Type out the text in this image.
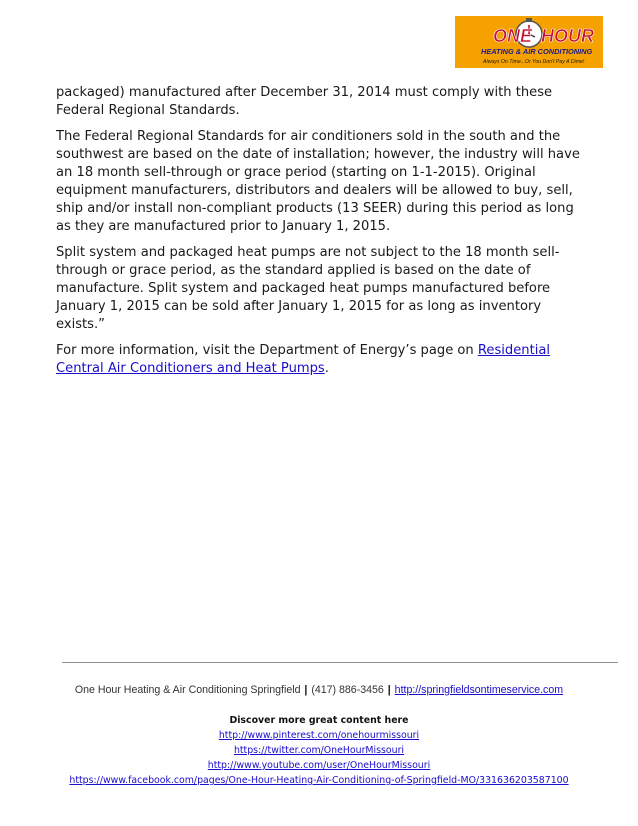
ONE HOUR
HEATING & AIR CONDITIONING
Always On Time...Or You Don't Pay A Dime!

packaged) manufactured after December 31, 2014 must comply with these Federal Regional Standards.

The Federal Regional Standards for air conditioners sold in the south and the southwest are based on the date of installation; however, the industry will have an 18 month sell-through or grace period (starting on 1-1-2015). Original equipment manufacturers, distributors and dealers will be allowed to buy, sell, ship and/or install non-compliant products (13 SEER) during this period as long as they are manufactured prior to January 1, 2015.

Split system and packaged heat pumps are not subject to the 18 month sell-through or grace period, as the standard applied is based on the date of manufacture. Split system and packaged heat pumps manufactured before January 1, 2015 can be sold after January 1, 2015 for as long as inventory exists.”

For more information, visit the Department of Energy’s page on Residential Central Air Conditioners and Heat Pumps.

One Hour Heating & Air Conditioning Springfield | (417) 886-3456 | http://springfieldsontimeservice.com
Discover more great content here
http://www.pinterest.com/onehourmissouri
https://twitter.com/OneHourMissouri
http://www.youtube.com/user/OneHourMissouri
https://www.facebook.com/pages/One-Hour-Heating-Air-Conditioning-of-Springfield-MO/331636203587100
